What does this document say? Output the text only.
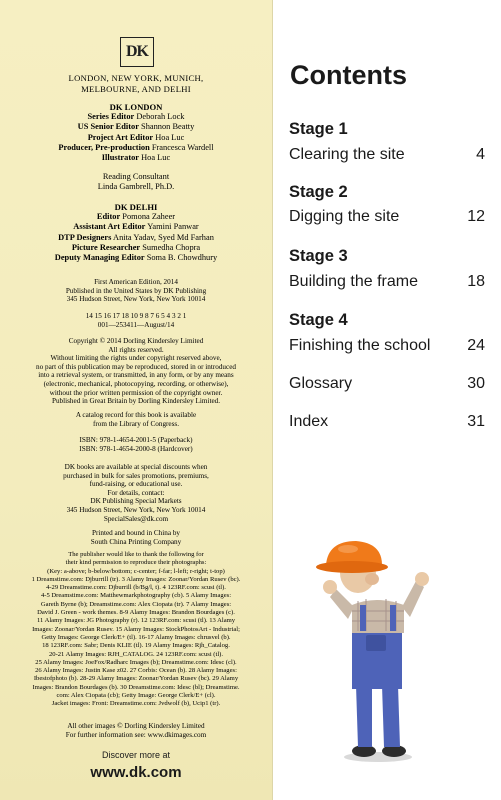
DK
LONDON, NEW YORK, MUNICH,
MELBOURNE, AND DELHI
DK LONDON
Series Editor Deborah Lock
US Senior Editor Shannon Beatty
Project Art Editor Hoa Luc
Producer, Pre-production Francesca Wardell
Illustrator Hoa Luc
Reading Consultant
Linda Gambrell, Ph.D.
DK DELHI
Editor Pomona Zaheer
Assistant Art Editor Yamini Panwar
DTP Designers Anita Yadav, Syed Md Farhan
Picture Researcher Sumedha Chopra
Deputy Managing Editor Soma B. Chowdhury
First American Edition, 2014
Published in the United States by DK Publishing
345 Hudson Street, New York, New York 10014
14 15 16 17 18 10 9 8 7 6 5 4 3 2 1
001—253411—August/14
Copyright © 2014 Dorling Kindersley Limited
All rights reserved.
Without limiting the rights under copyright reserved above,
no part of this publication may be reproduced, stored in or introduced
into a retrieval system, or transmitted, in any form, or by any means
(electronic, mechanical, photocopying, recording, or otherwise),
without the prior written permission of the copyright owner.
Published in Great Britain by Dorling Kindersley Limited.
A catalog record for this book is available
from the Library of Congress.
ISBN: 978-1-4654-2001-5 (Paperback)
ISBN: 978-1-4654-2000-8 (Hardcover)
DK books are available at special discounts when
purchased in bulk for sales promotions, premiums,
fund-raising, or educational use.
For details, contact:
DK Publishing Special Markets
345 Hudson Street, New York, New York 10014
SpecialSales@dk.com
Printed and bound in China by
South China Printing Company
The publisher would like to thank the following for
their kind permission to reproduce their photographs:
(Key: a-above; b-below/bottom; c-center; f-far; l-left; r-right; t-top)
1 Dreamstime.com: Djburrill (tr). 3 Alamy Images: Zoonar/Yordan Rusev (bc).
4-29 Dreamstime.com: Djburrill (b/Bg/l, t). 4 123RF.com: scusi (tl).
4-5 Dreamstime.com: Matthewmarkphotography (cb). 5 Alamy Images:
Gareth Byrne (b); Dreamstime.com: Alex Ciopata (tr). 7 Alamy Images:
David J. Green - work themes. 8-9 Alamy Images: Brandon Bourdages (c).
11 Alamy Images: JG Photography (r). 12 123RF.com: scusi (tl). 13 Alamy
Images: Zoonar/Yordan Rusev. 15 Alamy Images: StockPhotosArt - Industrial;
Getty Images: George Clerk/E+ (tl). 16-17 Alamy Images: chrusvel (b).
18 123RF.com: Sabr; Denis KLIE (tl). 19 Alamy Images: Rjh_Catalog.
20-21 Alamy Images: RJH_CATALOG. 24 123RF.com: scusi (tl).
25 Alamy Images: JoeFox/Radharc Images (b); Dreamstime.com: Idesc (cl).
26 Alamy Images: Justin Kase z02. 27 Corbis: Ocean (b). 28 Alamy Images:
Ibestofphoto (b). 28-29 Alamy Images: Zoonar/Yordan Rusev (bc). 29 Alamy
Images: Brandon Bourdages (b). 30 Dreamstime.com: Idesc (bl); Dreamstime.
com: Alex Ciopata (cb); Getty Image: George Clerk/E+ (cl).
Jacket images: Front: Dreamstime.com: Jvdwolf (b), Ucip1 (tr).
All other images © Dorling Kindersley Limited
For further information see: www.dkimages.com
Discover more at
www.dk.com
Contents
Stage 1
Clearing the site	4
Stage 2
Digging the site	12
Stage 3
Building the frame	18
Stage 4
Finishing the school 24
Glossary	30
Index	31
